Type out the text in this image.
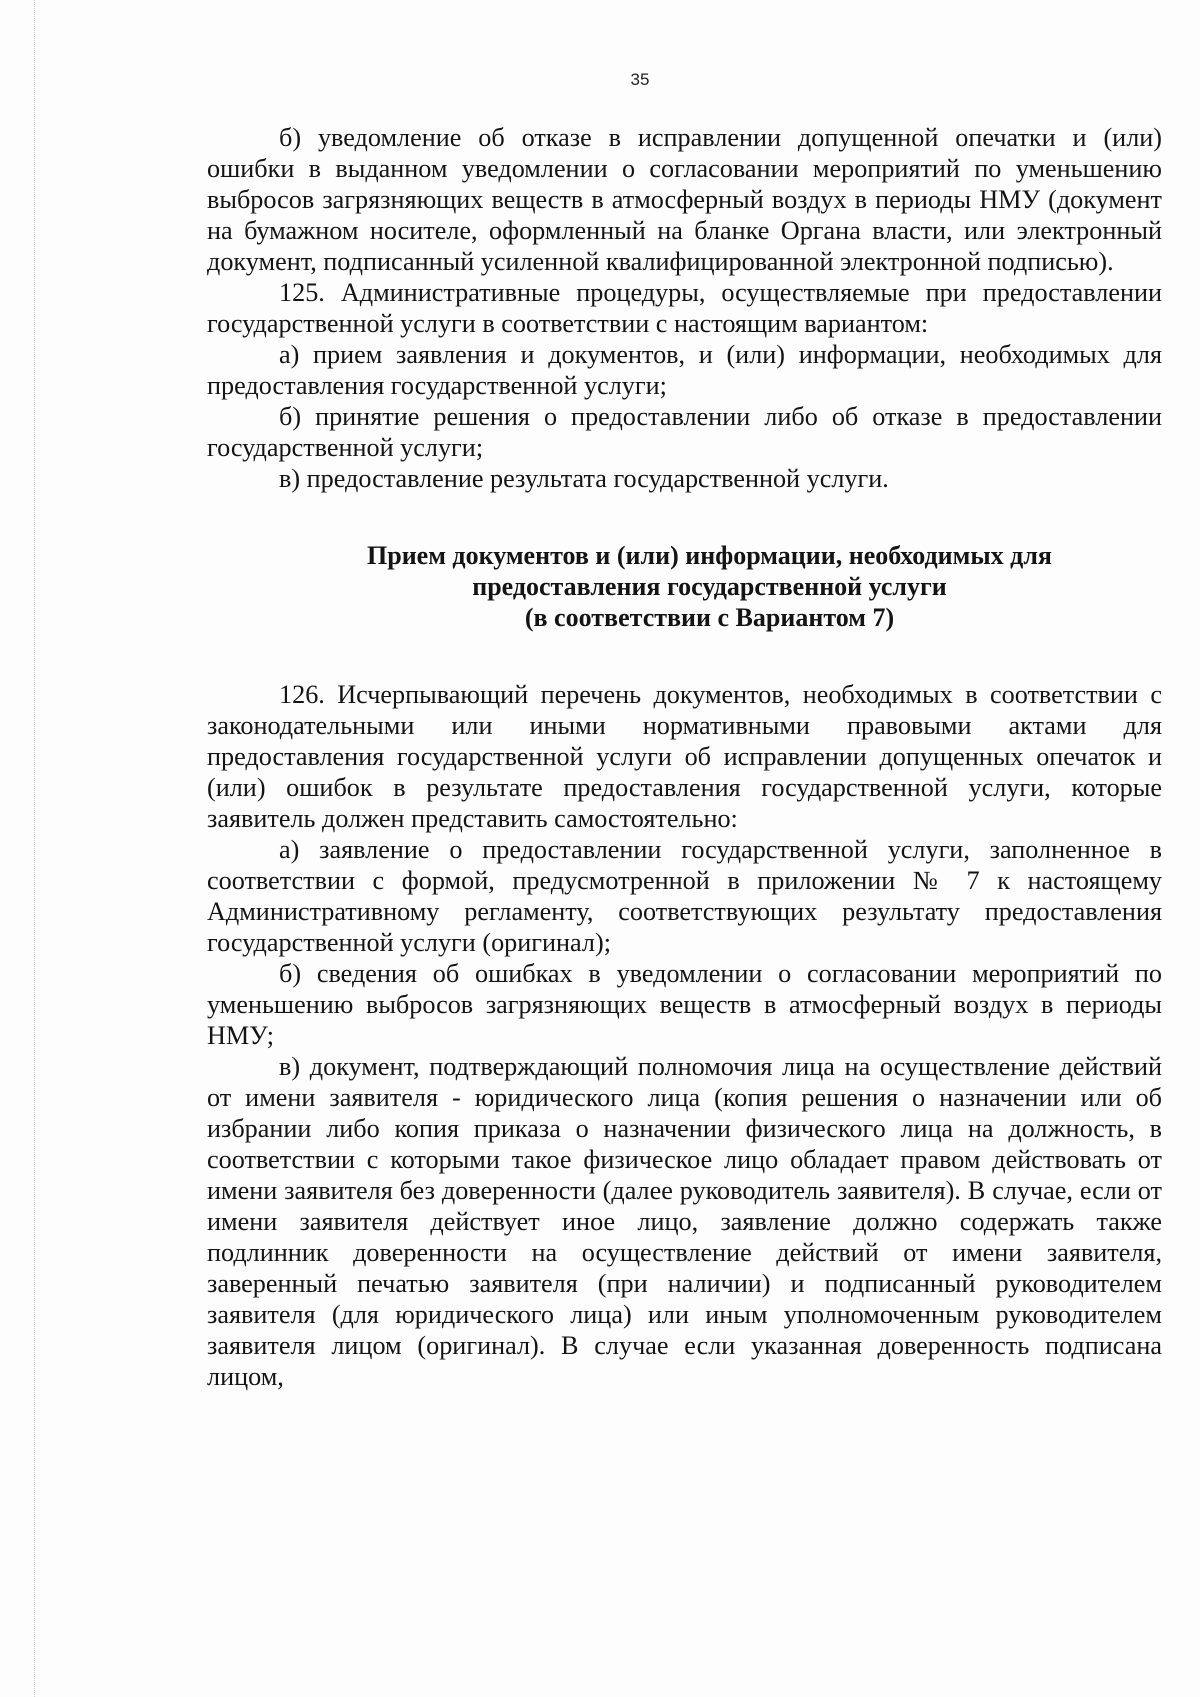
35

б) уведомление об отказе в исправлении допущенной опечатки и (или) ошибки в выданном уведомлении о согласовании мероприятий по уменьшению выбросов загрязняющих веществ в атмосферный воздух в периоды НМУ (документ на бумажном носителе, оформленный на бланке Органа власти, или электронный документ, подписанный усиленной квалифицированной электронной подписью).

125. Административные процедуры, осуществляемые при предоставлении государственной услуги в соответствии с настоящим вариантом:

а) прием заявления и документов, и (или) информации, необходимых для предоставления государственной услуги;

б) принятие решения о предоставлении либо об отказе в предоставлении государственной услуги;

в) предоставление результата государственной услуги.

Прием документов и (или) информации, необходимых для
предоставления государственной услуги
(в соответствии с Вариантом 7)

126. Исчерпывающий перечень документов, необходимых в соответствии с законодательными или иными нормативными правовыми актами для предоставления государственной услуги об исправлении допущенных опечаток и (или) ошибок в результате предоставления государственной услуги, которые заявитель должен представить самостоятельно:

а) заявление о предоставлении государственной услуги, заполненное в соответствии с формой, предусмотренной в приложении № 7 к настоящему Административному регламенту, соответствующих результату предоставления государственной услуги (оригинал);

б) сведения об ошибках в уведомлении о согласовании мероприятий по уменьшению выбросов загрязняющих веществ в атмосферный воздух в периоды НМУ;

в) документ, подтверждающий полномочия лица на осуществление действий от имени заявителя - юридического лица (копия решения о назначении или об избрании либо копия приказа о назначении физического лица на должность, в соответствии с которыми такое физическое лицо обладает правом действовать от имени заявителя без доверенности (далее руководитель заявителя). В случае, если от имени заявителя действует иное лицо, заявление должно содержать также подлинник доверенности на осуществление действий от имени заявителя, заверенный печатью заявителя (при наличии) и подписанный руководителем заявителя (для юридического лица) или иным уполномоченным руководителем заявителя лицом (оригинал). В случае если указанная доверенность подписана лицом,
